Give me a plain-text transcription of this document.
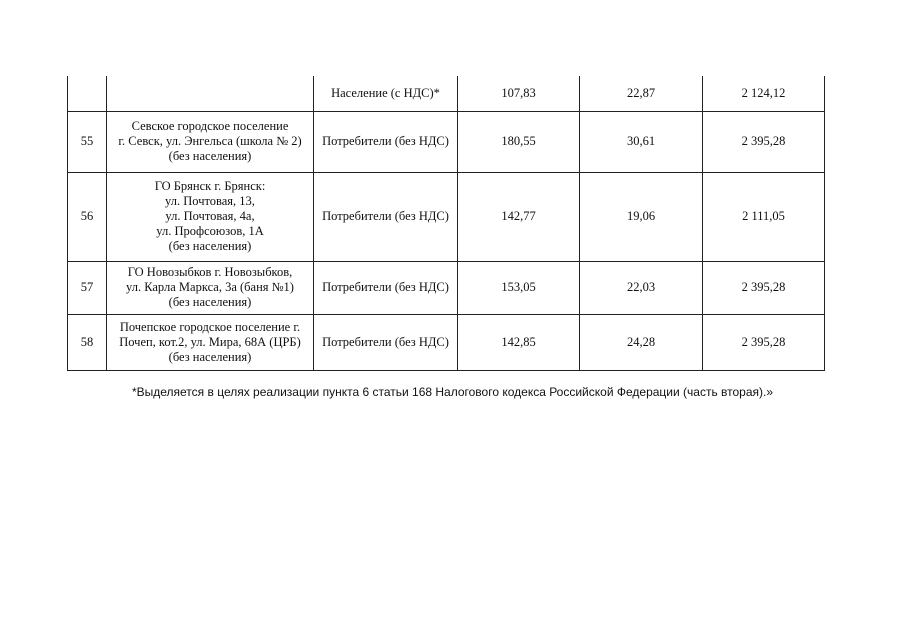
		Население (с НДС)*	107,83	22,87	2 124,12
55	Севское городское поселение
г. Севск, ул. Энгельса (школа № 2)
(без населения)	Потребители (без НДС)	180,55	30,61	2 395,28
56	ГО Брянск г. Брянск:
ул. Почтовая, 13,
ул. Почтовая, 4а,
ул. Профсоюзов, 1А
(без населения)	Потребители (без НДС)	142,77	19,06	2 111,05
57	ГО Новозыбков г. Новозыбков,
ул. Карла Маркса, 3а (баня №1)
(без населения)	Потребители (без НДС)	153,05	22,03	2 395,28
58	Почепское городское поселение г.
Почеп, кот.2, ул. Мира, 68А (ЦРБ)
(без населения)	Потребители (без НДС)	142,85	24,28	2 395,28
*Выделяется в целях реализации пункта 6 статьи 168 Налогового кодекса Российской Федерации (часть вторая).»
